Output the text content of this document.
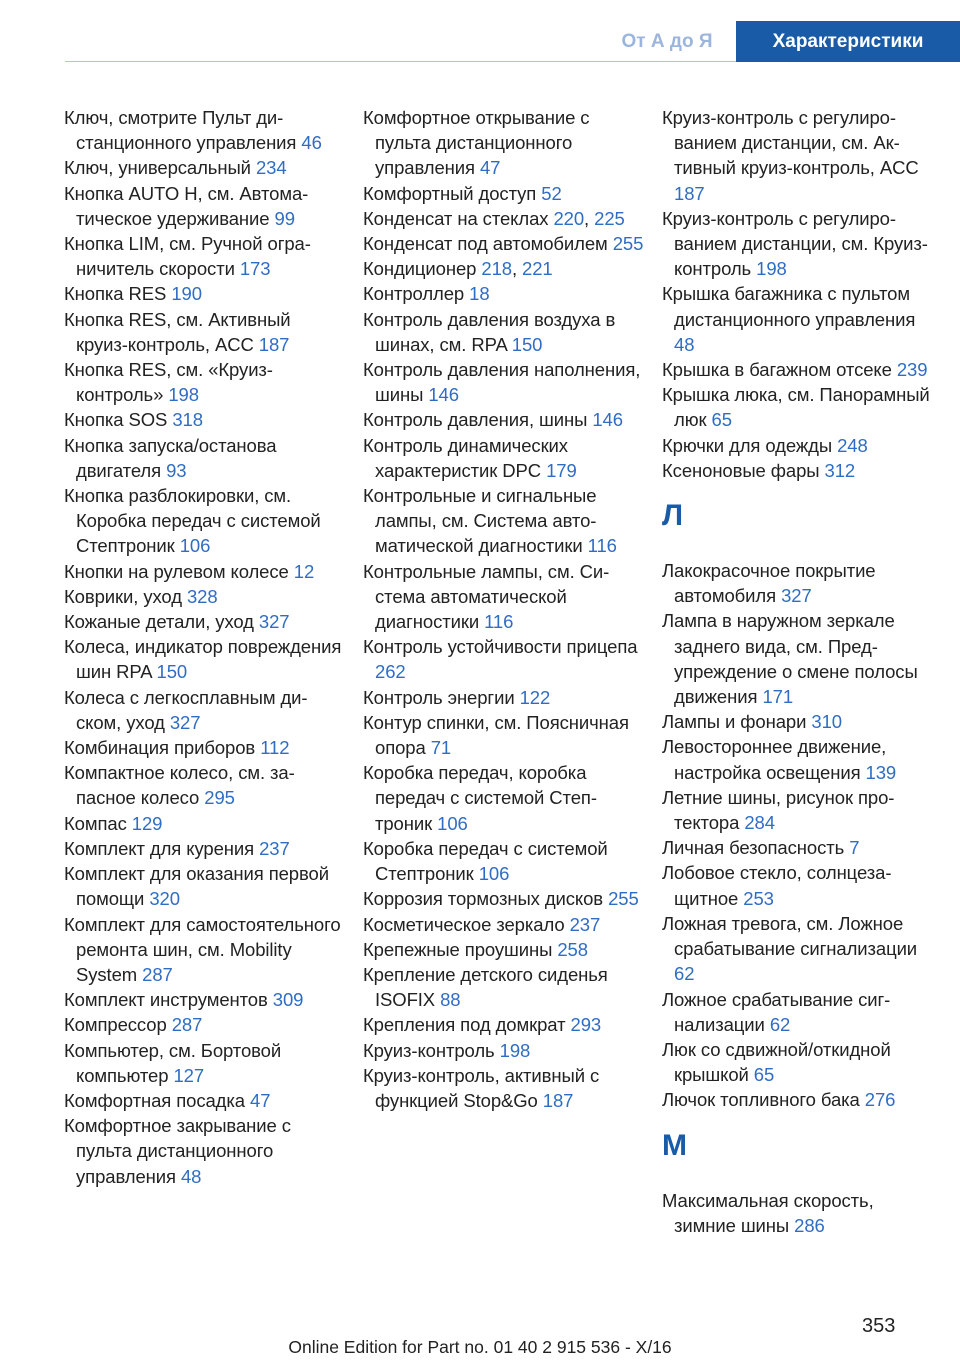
От А до Я	Характеристики
Ключ, смотрите Пульт дистанционного управления 46
Ключ, универсальный 234
Кнопка AUTO H, см. Автоматическое удерживание 99
Кнопка LIM, см. Ручной ограничитель скорости 173
Кнопка RES 190
Кнопка RES, см. Активный круиз-контроль, ACC 187
Кнопка RES, см. «Круиз-контроль» 198
Кнопка SOS 318
Кнопка запуска/останова двигателя 93
Кнопка разблокировки, см. Коробка передач с системой Стептроник 106
Кнопки на рулевом колесе 12
Коврики, уход 328
Кожаные детали, уход 327
Колеса, индикатор повреждения шин RPA 150
Колеса с легкосплавным диском, уход 327
Комбинация приборов 112
Компактное колесо, см. запасное колесо 295
Компас 129
Комплект для курения 237
Комплект для оказания первой помощи 320
Комплект для самостоятельного ремонта шин, см. Mobility System 287
Комплект инструментов 309
Компрессор 287
Компьютер, см. Бортовой компьютер 127
Комфортная посадка 47
Комфортное закрывание с пульта дистанционного управления 48
Комфортное открывание с пульта дистанционного управления 47
Комфортный доступ 52
Конденсат на стеклах 220, 225
Конденсат под автомобилем 255
Кондиционер 218, 221
Контроллер 18
Контроль давления воздуха в шинах, см. RPA 150
Контроль давления наполнения, шины 146
Контроль давления, шины 146
Контроль динамических характеристик DPC 179
Контрольные и сигнальные лампы, см. Система автоматической диагностики 116
Контрольные лампы, см. Система автоматической диагностики 116
Контроль устойчивости прицепа 262
Контроль энергии 122
Контур спинки, см. Поясничная опора 71
Коробка передач, коробка передач с системой Стептроник 106
Коробка передач с системой Стептроник 106
Коррозия тормозных дисков 255
Косметическое зеркало 237
Крепежные проушины 258
Крепление детского сиденья ISOFIX 88
Крепления под домкрат 293
Круиз-контроль 198
Круиз-контроль, активный с функцией Stop&Go 187
Круиз-контроль с регулированием дистанции, см. Активный круиз-контроль, ACC 187
Круиз-контроль с регулированием дистанции, см. Круиз-контроль 198
Крышка багажника с пультом дистанционного управления 48
Крышка в багажном отсеке 239
Крышка люка, см. Панорамный люк 65
Крючки для одежды 248
Ксеноновые фары 312
Л
Лакокрасочное покрытие автомобиля 327
Лампа в наружном зеркале заднего вида, см. Предупреждение о смене полосы движения 171
Лампы и фонари 310
Левостороннее движение, настройка освещения 139
Летние шины, рисунок протектора 284
Личная безопасность 7
Лобовое стекло, солнцезащитное 253
Ложная тревога, см. Ложное срабатывание сигнализации 62
Ложное срабатывание сигнализации 62
Люк со сдвижной/откидной крышкой 65
Лючок топливного бака 276
М
Максимальная скорость, зимние шины 286
353
Online Edition for Part no. 01 40 2 915 536 - X/16
